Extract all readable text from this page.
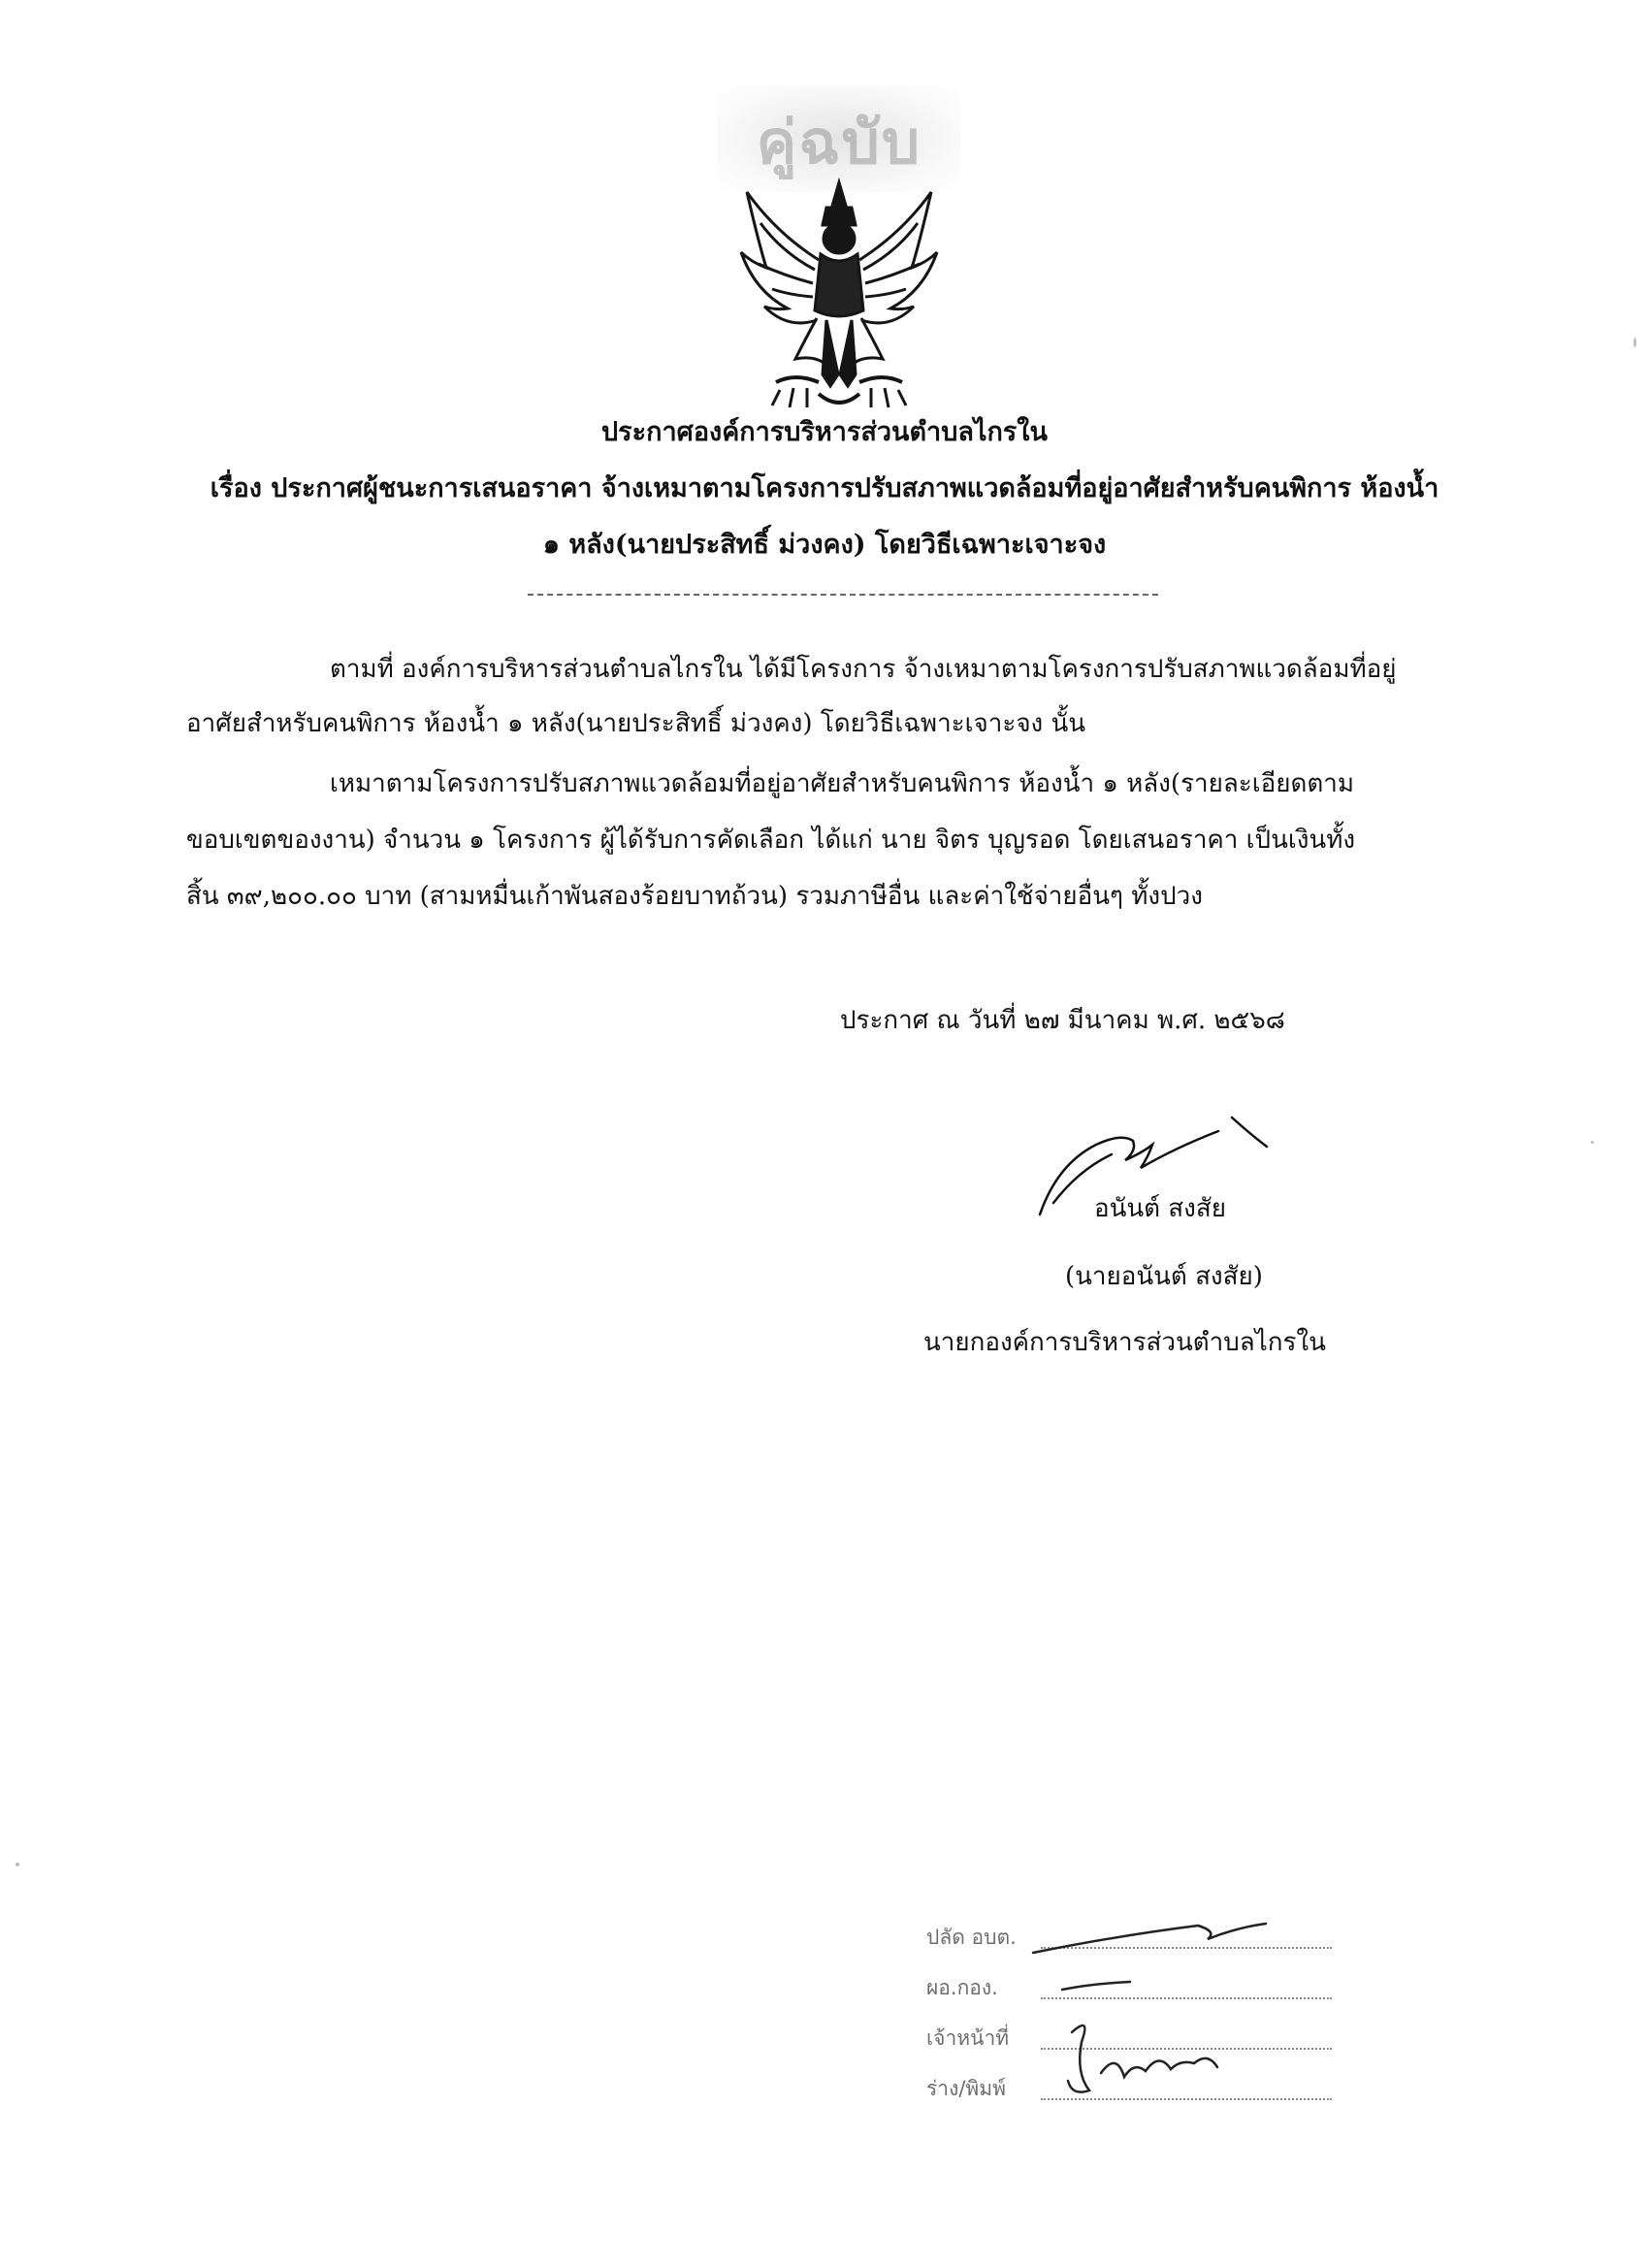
คู่ฉบับ
ประกาศองค์การบริหารส่วนตำบลไกรใน
เรื่อง ประกาศผู้ชนะการเสนอราคา จ้างเหมาตามโครงการปรับสภาพแวดล้อมที่อยู่อาศัยสำหรับคนพิการ ห้องน้ำ
๑ หลัง(นายประสิทธิ์ ม่วงคง) โดยวิธีเฉพาะเจาะจง
ตามที่ องค์การบริหารส่วนตำบลไกรใน ได้มีโครงการ จ้างเหมาตามโครงการปรับสภาพแวดล้อมที่อยู่
อาศัยสำหรับคนพิการ ห้องน้ำ ๑ หลัง(นายประสิทธิ์ ม่วงคง) โดยวิธีเฉพาะเจาะจง นั้น
เหมาตามโครงการปรับสภาพแวดล้อมที่อยู่อาศัยสำหรับคนพิการ ห้องน้ำ ๑ หลัง(รายละเอียดตาม
ขอบเขตของงาน) จำนวน ๑ โครงการ ผู้ได้รับการคัดเลือก ได้แก่ นาย จิตร บุญรอด โดยเสนอราคา เป็นเงินทั้ง
สิ้น ๓๙,๒๐๐.๐๐ บาท (สามหมื่นเก้าพันสองร้อยบาทถ้วน) รวมภาษีอื่น และค่าใช้จ่ายอื่นๆ ทั้งปวง
ประกาศ ณ วันที่ ๒๗ มีนาคม พ.ศ. ๒๕๖๘
อนันต์ สงสัย
(นายอนันต์ สงสัย)
นายกองค์การบริหารส่วนตำบลไกรใน
ปลัด อบต.
ผอ.กอง.
เจ้าหน้าที่
ร่าง/พิมพ์
